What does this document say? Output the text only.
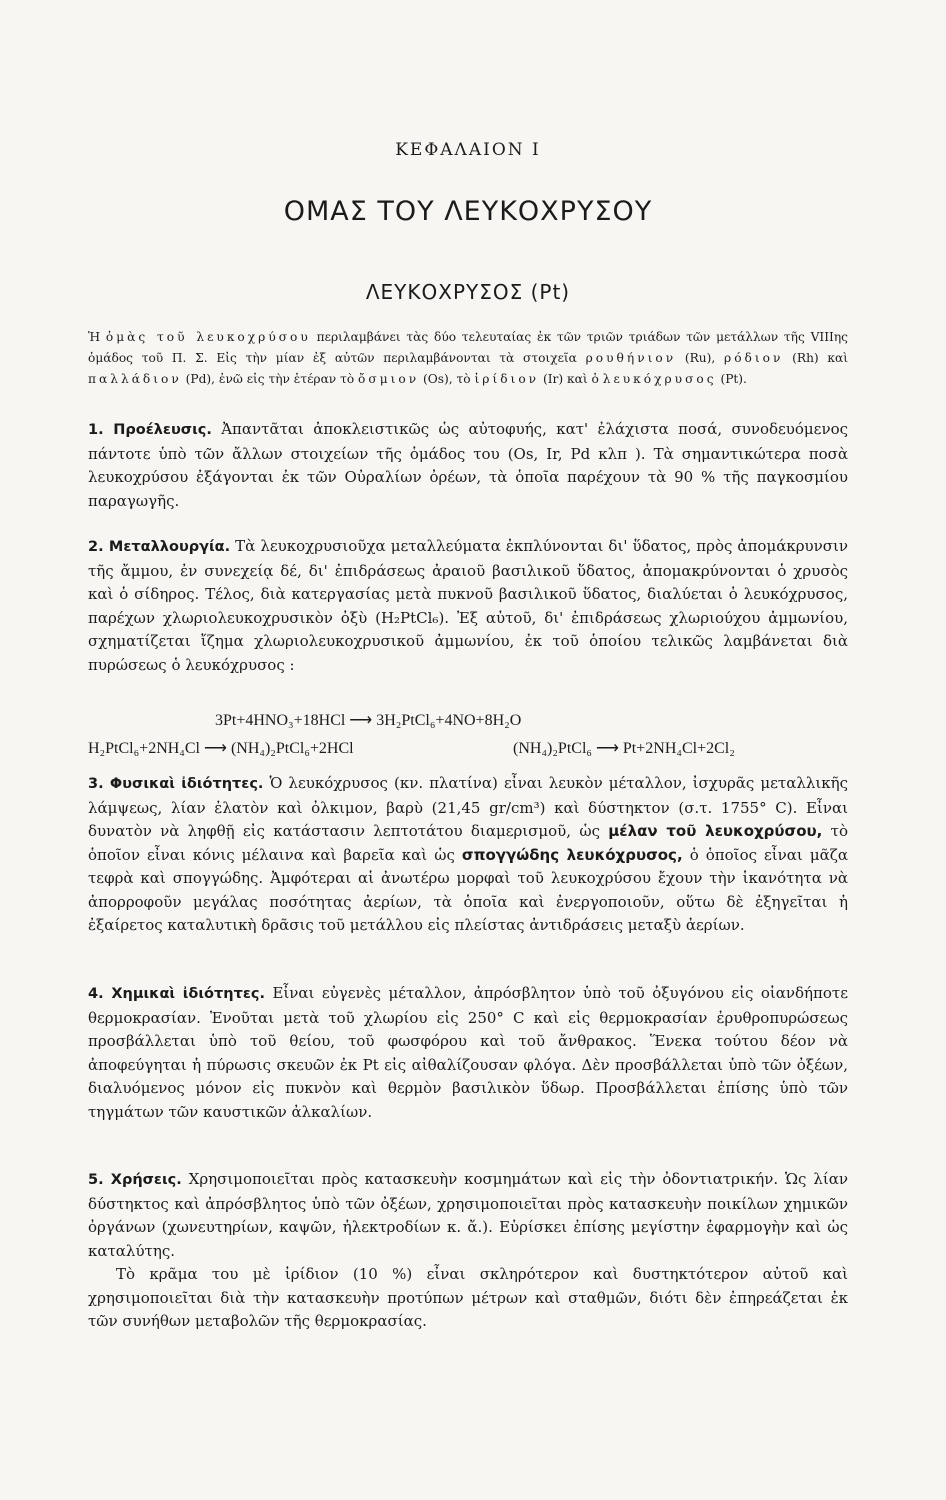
ΚΕΦΑΛΑΙΟΝ I
ΟΜΑΣ ΤΟΥ ΛΕΥΚΟΧΡΥΣΟΥ
ΛΕΥΚΟΧΡΥΣΟΣ (Pt)
Ἡ ὁμὰς τοῦ λευκοχρύσου περιλαμβάνει τὰς δύο τελευταίας ἐκ τῶν τριῶν τριάδων τῶν μετάλλων τῆς VIIIης ὁμάδος τοῦ Π. Σ. Εἰς τὴν μίαν ἐξ αὐτῶν περιλαμβάνονται τὰ στοιχεῖα ρουθήνιον (Ru), ρόδιον (Rh) καὶ παλλάδιον (Pd), ἐνῶ εἰς τὴν ἑτέραν τὸ ὄσμιον (Os), τὸ ἰρίδιον (Ir) καὶ ὁ λευκόχρυσος (Pt).
1. Προέλευσις. Ἀπαντᾶται ἀποκλειστικῶς ὡς αὐτοφυής, κατ' ἐλάχιστα ποσά, συνοδευόμενος πάντοτε ὑπὸ τῶν ἄλλων στοιχείων τῆς ὁμάδος του (Os, Ir, Pd κλπ ). Τὰ σημαντικώτερα ποσὰ λευκοχρύσου ἐξάγονται ἐκ τῶν Οὐραλίων ὀρέων, τὰ ὁποῖα παρέχουν τὰ 90 % τῆς παγκοσμίου παραγωγῆς.
2. Μεταλλουργία. Τὰ λευκοχρυσιοῦχα μεταλλεύματα ἐκπλύνονται δι' ὕδατος, πρὸς ἀπομάκρυνσιν τῆς ἄμμου, ἐν συνεχείᾳ δέ, δι' ἐπιδράσεως ἀραιοῦ βασιλικοῦ ὕδατος, ἀπομακρύνονται ὁ χρυσὸς καὶ ὁ σίδηρος. Τέλος, διὰ κατεργασίας μετὰ πυκνοῦ βασιλικοῦ ὕδατος, διαλύεται ὁ λευκόχρυσος, παρέχων χλωριολευκοχρυσικὸν ὀξὺ (H₂PtCl₆). Ἐξ αὐτοῦ, δι' ἐπιδράσεως χλωριούχου ἀμμωνίου, σχηματίζεται ἴζημα χλωριολευκοχρυσικοῦ ἀμμωνίου, ἐκ τοῦ ὁποίου τελικῶς λαμβάνεται διὰ πυρώσεως ὁ λευκόχρυσος :
3Pt+4HNO₃+18HCl ⟶ 3H₂PtCl₆+4NO+8H₂O
H₂PtCl₆+2NH₄Cl ⟶ (NH₄)₂PtCl₆+2HCl	(NH₄)₂PtCl₆ ⟶ Pt+2NH₄Cl+2Cl₂
3. Φυσικαὶ ἰδιότητες. Ὁ λευκόχρυσος (κν. πλατίνα) εἶναι λευκὸν μέταλλον, ἰσχυρᾶς μεταλλικῆς λάμψεως, λίαν ἐλατὸν καὶ ὀλκιμον, βαρὺ (21,45 gr/cm³) καὶ δύστηκτον (σ.τ. 1755° C). Εἶναι δυνατὸν νὰ ληφθῇ εἰς κατάστασιν λεπτοτάτου διαμερισμοῦ, ὡς μέλαν τοῦ λευκοχρύσου, τὸ ὁποῖον εἶναι κόνις μέλαινα καὶ βαρεῖα καὶ ὡς σπογγώδης λευκόχρυσος, ὁ ὁποῖος εἶναι μᾶζα τεφρὰ καὶ σπογγώδης. Ἀμφότεραι αἱ ἀνωτέρω μορφαὶ τοῦ λευκοχρύσου ἔχουν τὴν ἱκανότητα νὰ ἀπορροφοῦν μεγάλας ποσότητας ἀερίων, τὰ ὁποῖα καὶ ἐνεργοποιοῦν, οὕτω δὲ ἐξηγεῖται ἡ ἐξαίρετος καταλυτικὴ δρᾶσις τοῦ μετάλλου εἰς πλείστας ἀντιδράσεις μεταξὺ ἀερίων.
4. Χημικαὶ ἰδιότητες. Εἶναι εὐγενὲς μέταλλον, ἀπρόσβλητον ὑπὸ τοῦ ὀξυγόνου εἰς οἱανδήποτε θερμοκρασίαν. Ἑνοῦται μετὰ τοῦ χλωρίου εἰς 250° C καὶ εἰς θερμοκρασίαν ἐρυθροπυρώσεως προσβάλλεται ὑπὸ τοῦ θείου, τοῦ φωσφόρου καὶ τοῦ ἄνθρακος. Ἕνεκα τούτου δέον νὰ ἀποφεύγηται ἡ πύρωσις σκευῶν ἐκ Pt εἰς αἰθαλίζουσαν φλόγα. Δὲν προσβάλλεται ὑπὸ τῶν ὀξέων, διαλυόμενος μόνον εἰς πυκνὸν καὶ θερμὸν βασιλικὸν ὕδωρ. Προσβάλλεται ἐπίσης ὑπὸ τῶν τηγμάτων τῶν καυστικῶν ἀλκαλίων.
5. Χρήσεις. Χρησιμοποιεῖται πρὸς κατασκευὴν κοσμημάτων καὶ εἰς τὴν ὀδοντιατρικήν. Ὡς λίαν δύστηκτος καὶ ἀπρόσβλητος ὑπὸ τῶν ὀξέων, χρησιμοποιεῖται πρὸς κατασκευὴν ποικίλων χημικῶν ὀργάνων (χωνευτηρίων, καψῶν, ἠλεκτροδίων κ. ἄ.). Εὑρίσκει ἐπίσης μεγίστην ἐφαρμογὴν καὶ ὡς καταλύτης.
Τὸ κρᾶμα του μὲ ἰρίδιον (10 %) εἶναι σκληρότερον καὶ δυστηκτότερον αὐτοῦ καὶ χρησιμοποιεῖται διὰ τὴν κατασκευὴν προτύπων μέτρων καὶ σταθμῶν, διότι δὲν ἐπηρεάζεται ἐκ τῶν συνήθων μεταβολῶν τῆς θερμοκρασίας.
